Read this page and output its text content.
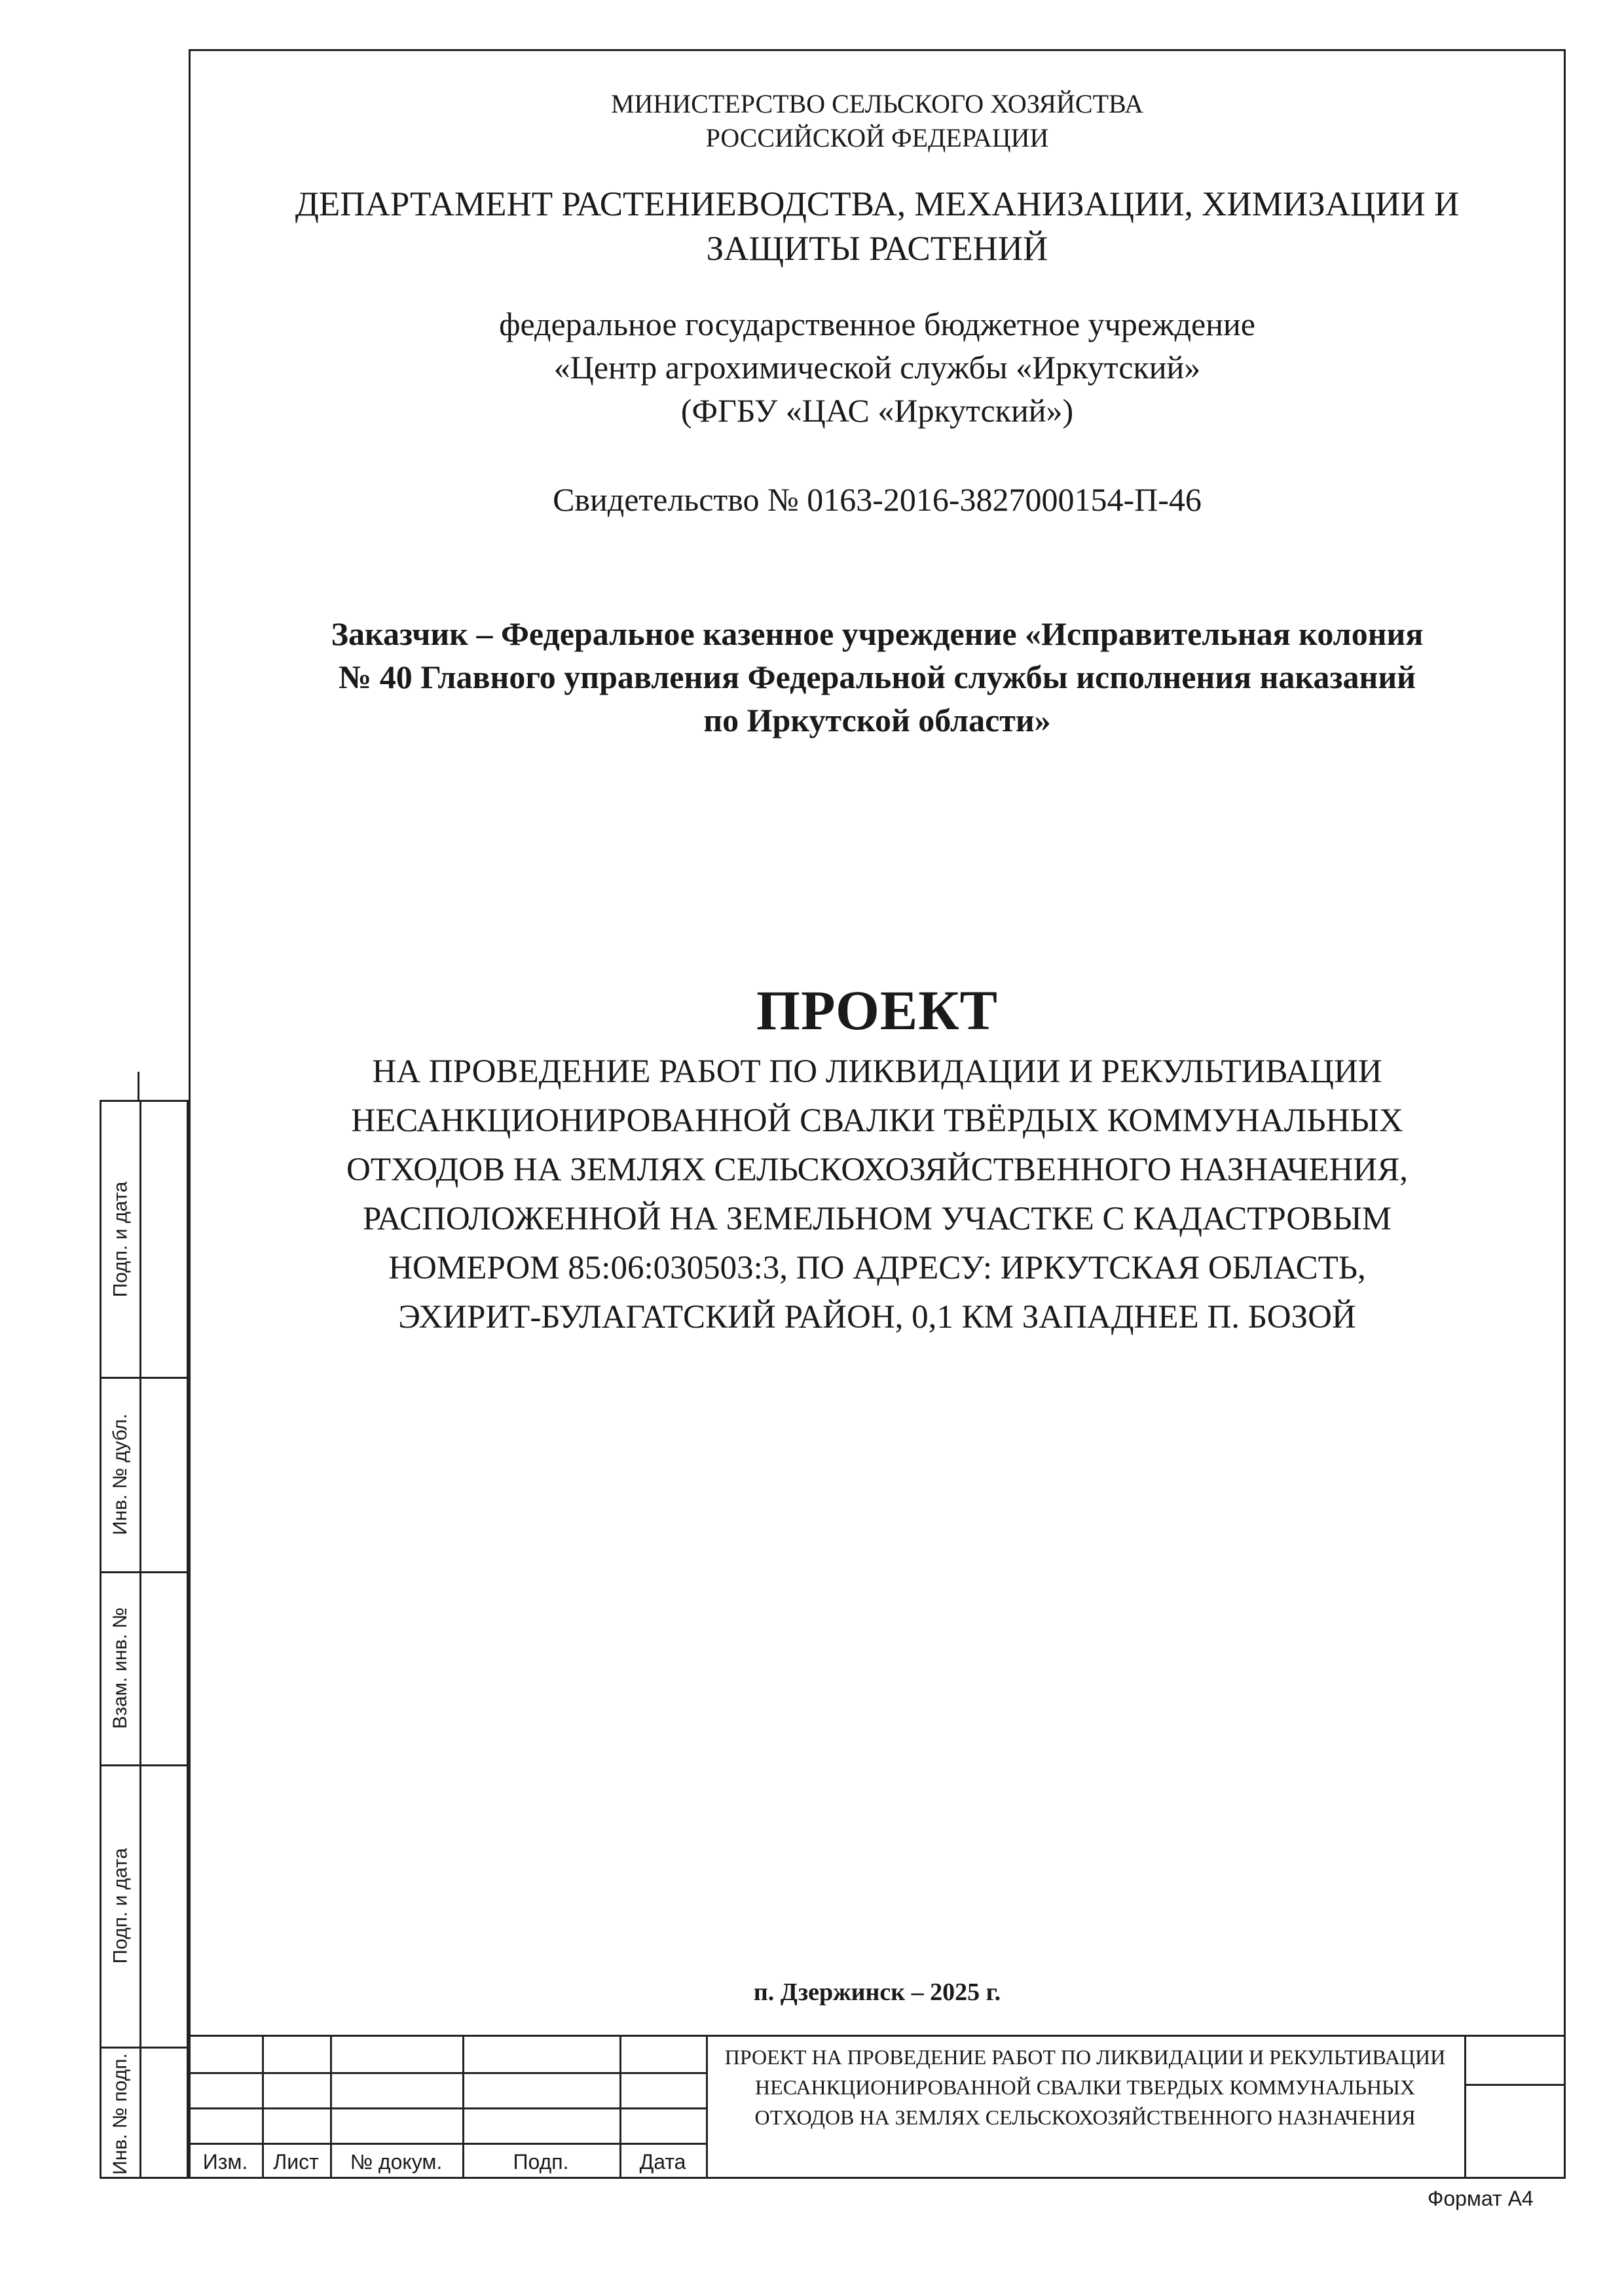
МИНИСТЕРСТВО СЕЛЬСКОГО ХОЗЯЙСТВА
РОССИЙСКОЙ ФЕДЕРАЦИИ
ДЕПАРТАМЕНТ РАСТЕНИЕВОДСТВА, МЕХАНИЗАЦИИ, ХИМИЗАЦИИ И
ЗАЩИТЫ РАСТЕНИЙ
федеральное государственное бюджетное учреждение
«Центр агрохимической службы «Иркутский»
(ФГБУ «ЦАС «Иркутский»)
Свидетельство № 0163-2016-3827000154-П-46
Заказчик – Федеральное казенное учреждение «Исправительная колония
№ 40 Главного управления Федеральной службы исполнения наказаний
по Иркутской области»
ПРОЕКТ
НА ПРОВЕДЕНИЕ РАБОТ ПО ЛИКВИДАЦИИ И РЕКУЛЬТИВАЦИИ
НЕСАНКЦИОНИРОВАННОЙ СВАЛКИ ТВЁРДЫХ КОММУНАЛЬНЫХ
ОТХОДОВ НА ЗЕМЛЯХ СЕЛЬСКОХОЗЯЙСТВЕННОГО НАЗНАЧЕНИЯ,
РАСПОЛОЖЕННОЙ НА ЗЕМЕЛЬНОМ УЧАСТКЕ С КАДАСТРОВЫМ
НОМЕРОМ 85:06:030503:3, ПО АДРЕСУ: ИРКУТСКАЯ ОБЛАСТЬ,
ЭХИРИТ-БУЛАГАТСКИЙ РАЙОН, 0,1 КМ ЗАПАДНЕЕ П. БОЗОЙ
п. Дзержинск – 2025 г.
Подп. и дата
Инв. № дубл.
Взам. инв. №
Подп. и дата
Инв. № подп.	Изм.	Лист	№ докум.	Подп.	Дата
ПРОЕКТ НА ПРОВЕДЕНИЕ РАБОТ ПО ЛИКВИДАЦИИ И РЕКУЛЬТИВАЦИИ
НЕСАНКЦИОНИРОВАННОЙ СВАЛКИ ТВЕРДЫХ КОММУНАЛЬНЫХ
ОТХОДОВ НА ЗЕМЛЯХ СЕЛЬСКОХОЗЯЙСТВЕННОГО НАЗНАЧЕНИЯ
Формат А4
